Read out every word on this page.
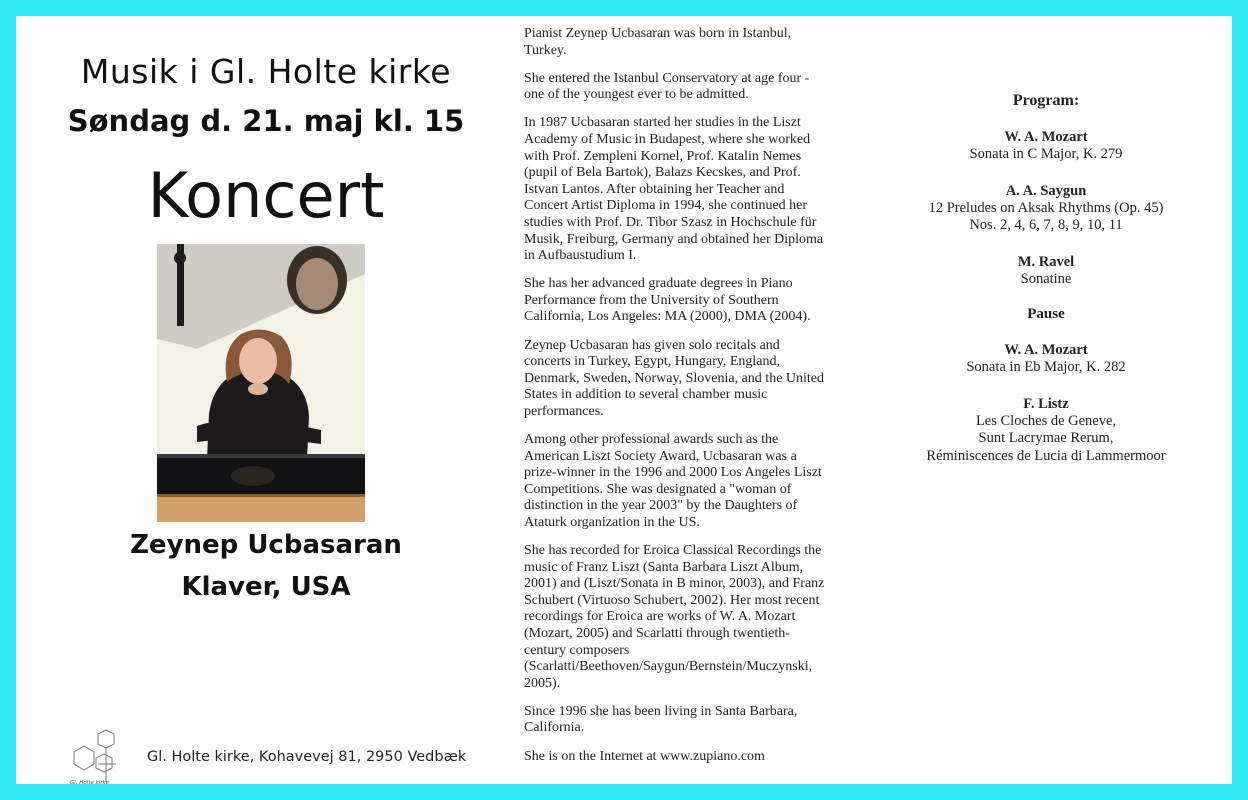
Musik i Gl. Holte kirke
Søndag d. 21. maj kl. 15
Koncert
Zeynep Ucbasaran
Klaver, USA
Gl. Holte kirke
Gl. Holte kirke, Kohavevej 81, 2950 Vedbæk

Pianist Zeynep Ucbasaran was born in Istanbul, Turkey.

She entered the Istanbul Conservatory at age four - one of the youngest ever to be admitted.

In 1987 Ucbasaran started her studies in the Liszt Academy of Music in Budapest, where she worked with Prof. Zempleni Kornel, Prof. Katalin Nemes (pupil of Bela Bartok), Balazs Kecskes, and Prof. Istvan Lantos. After obtaining her Teacher and Concert Artist Diploma in 1994, she continued her studies with Prof. Dr. Tibor Szasz in Hochschule für Musik, Freiburg, Germany and obtained her Diploma in Aufbaustudium I.

She has her advanced graduate degrees in Piano Performance from the University of Southern California, Los Angeles: MA (2000), DMA (2004).

Zeynep Ucbasaran has given solo recitals and concerts in Turkey, Egypt, Hungary, England, Denmark, Sweden, Norway, Slovenia, and the United States in addition to several chamber music performances.

Among other professional awards such as the American Liszt Society Award, Ucbasaran was a prize-winner in the 1996 and 2000 Los Angeles Liszt Competitions. She was designated a "woman of distinction in the year 2003" by the Daughters of Ataturk organization in the US.

She has recorded for Eroica Classical Recordings the music of Franz Liszt (Santa Barbara Liszt Album, 2001) and (Liszt/Sonata in B minor, 2003), and Franz Schubert (Virtuoso Schubert, 2002). Her most recent recordings for Eroica are works of W. A. Mozart (Mozart, 2005) and Scarlatti through twentieth-century composers (Scarlatti/Beethoven/Saygun/Bernstein/Muczynski, 2005).

Since 1996 she has been living in Santa Barbara, California.

She is on the Internet at www.zupiano.com

Program:
W. A. Mozart
Sonata in C Major, K. 279
A. A. Saygun
12 Preludes on Aksak Rhythms (Op. 45)
Nos. 2, 4, 6, 7, 8, 9, 10, 11
M. Ravel
Sonatine
Pause
W. A. Mozart
Sonata in Eb Major, K. 282
F. Listz
Les Cloches de Geneve,
Sunt Lacrymae Rerum,
Réminiscences de Lucia di Lammermoor
